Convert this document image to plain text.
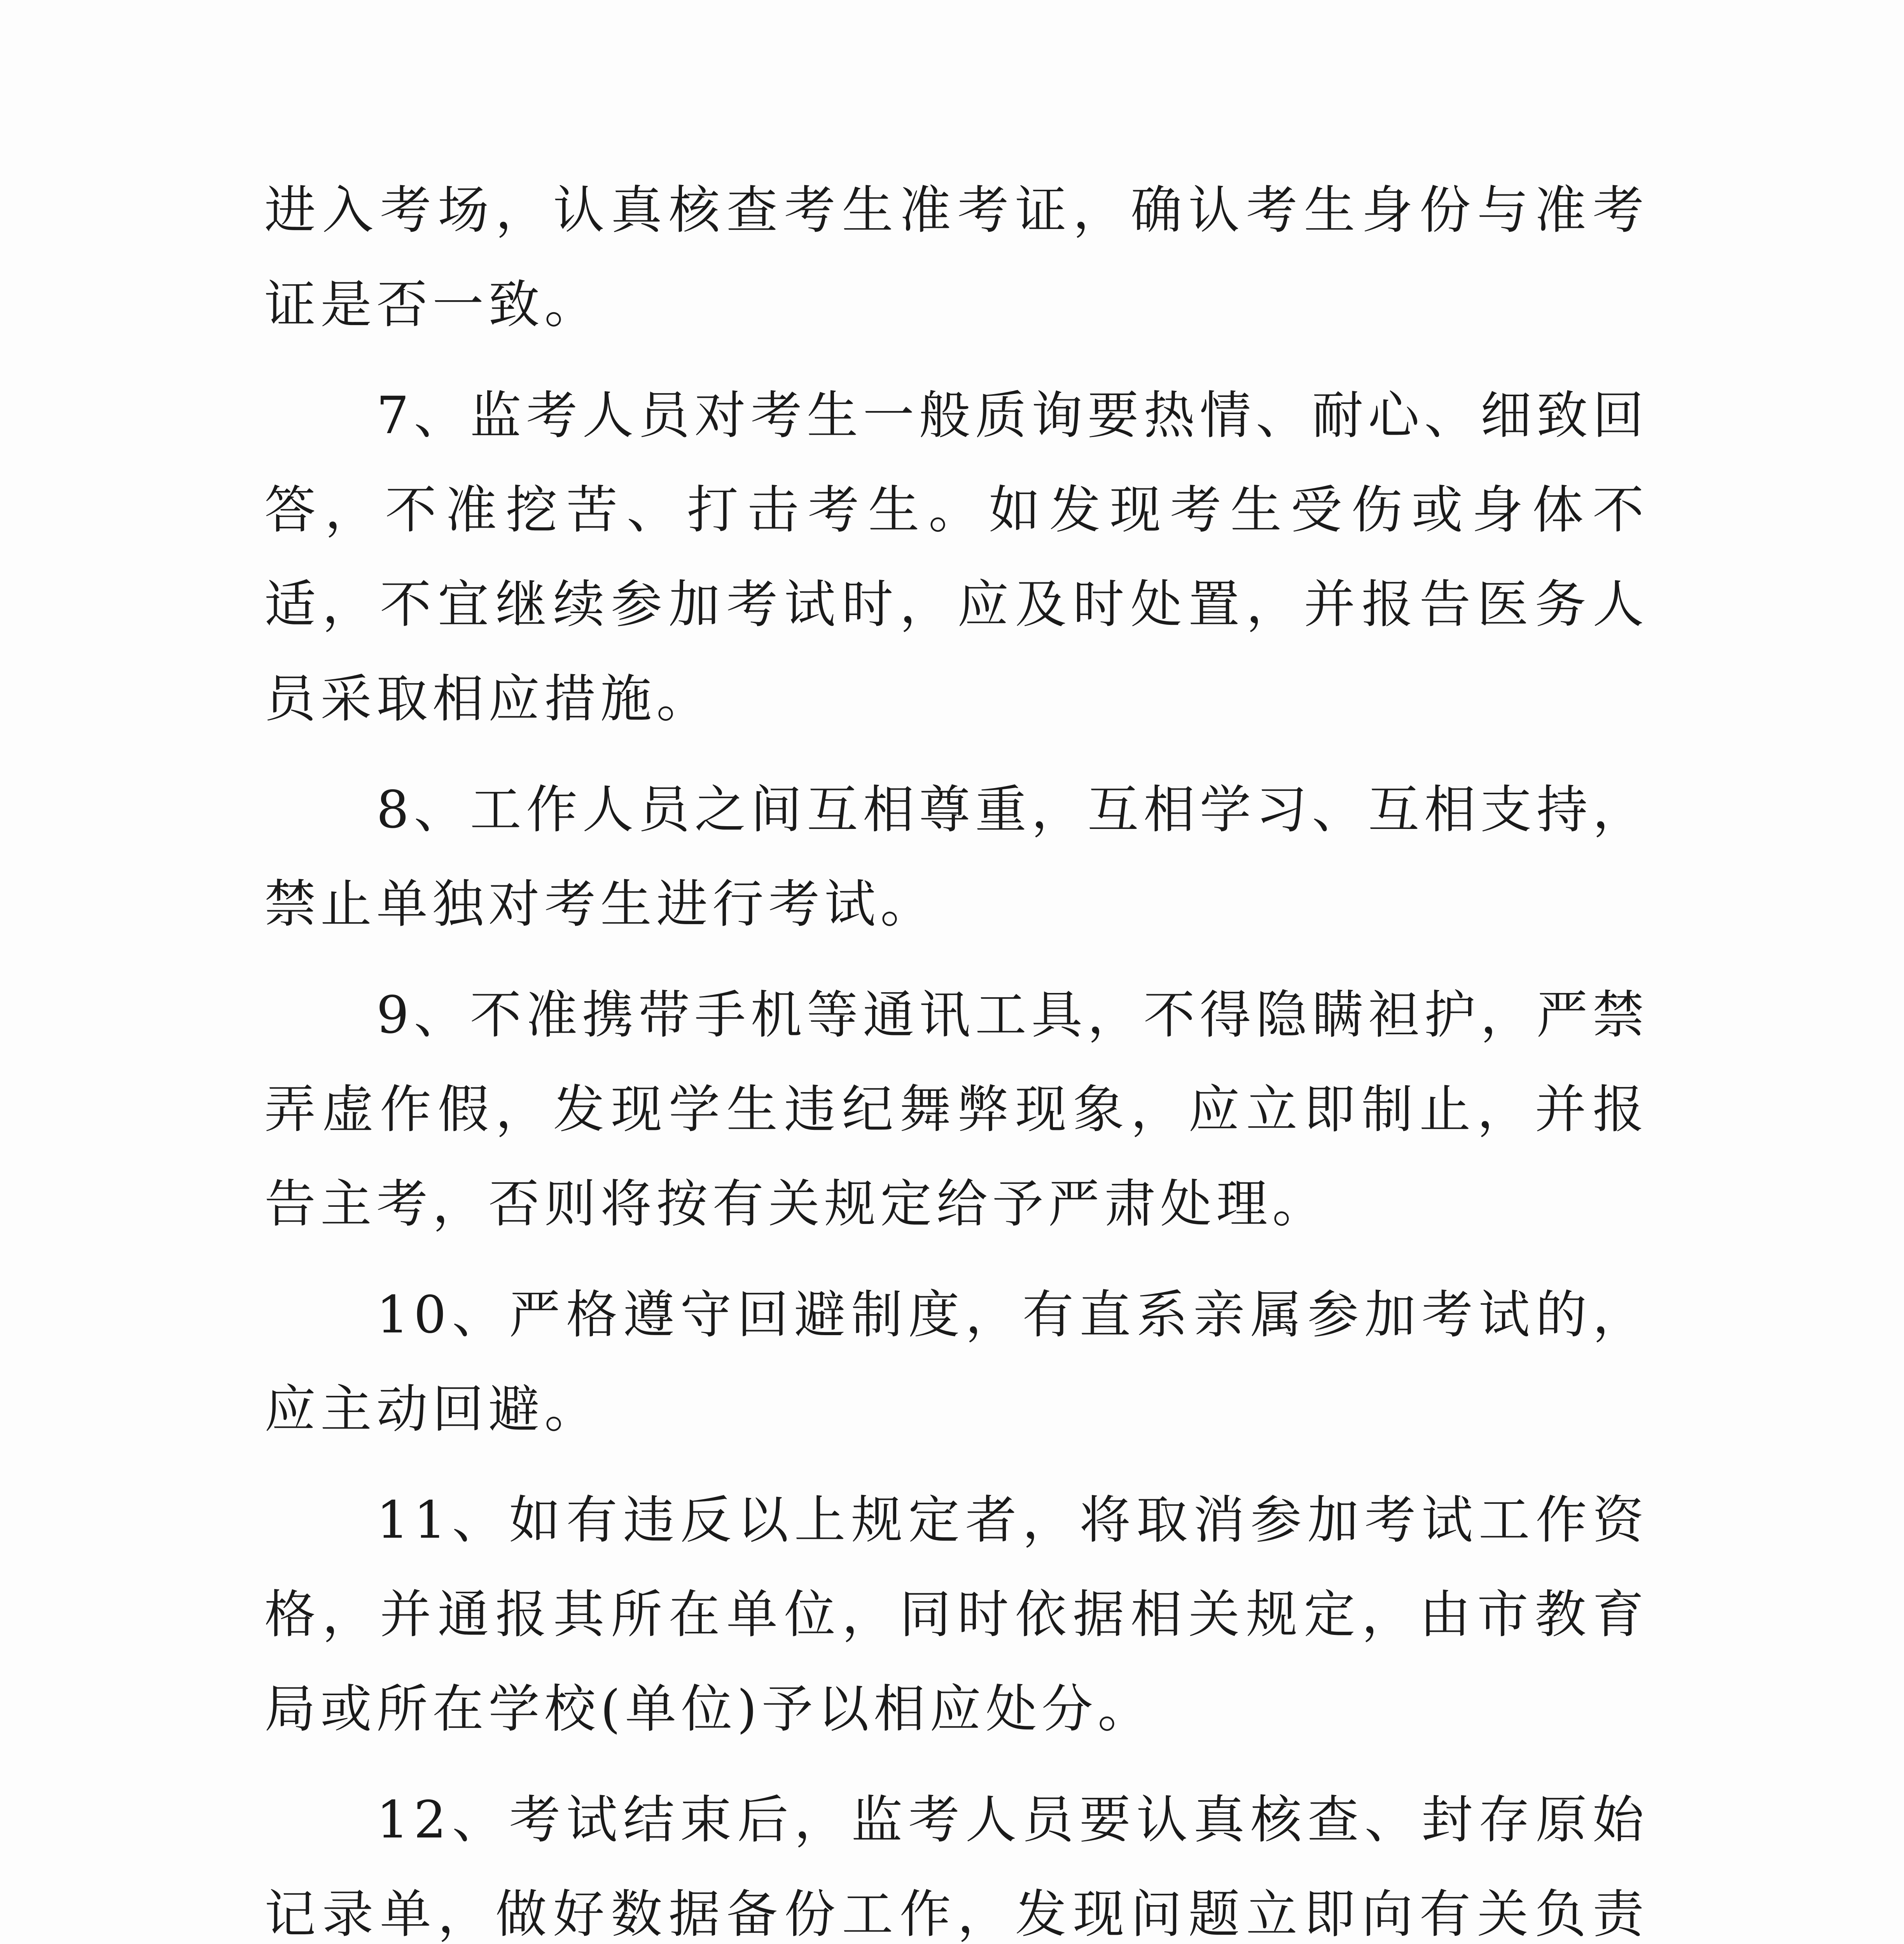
进入考场，认真核查考生准考证，确认考生身份与准考证是否一致。

7、监考人员对考生一般质询要热情、耐心、细致回答，不准挖苦、打击考生。如发现考生受伤或身体不适，不宜继续参加考试时，应及时处置，并报告医务人员采取相应措施。

8、工作人员之间互相尊重，互相学习、互相支持，禁止单独对考生进行考试。

9、不准携带手机等通讯工具，不得隐瞒袒护，严禁弄虚作假，发现学生违纪舞弊现象，应立即制止，并报告主考，否则将按有关规定给予严肃处理。

10、严格遵守回避制度，有直系亲属参加考试的，应主动回避。

11、如有违反以上规定者，将取消参加考试工作资格，并通报其所在单位，同时依据相关规定，由市教育局或所在学校(单位)予以相应处分。

12、考试结束后，监考人员要认真核查、封存原始记录单，做好数据备份工作，发现问题立即向有关负责
